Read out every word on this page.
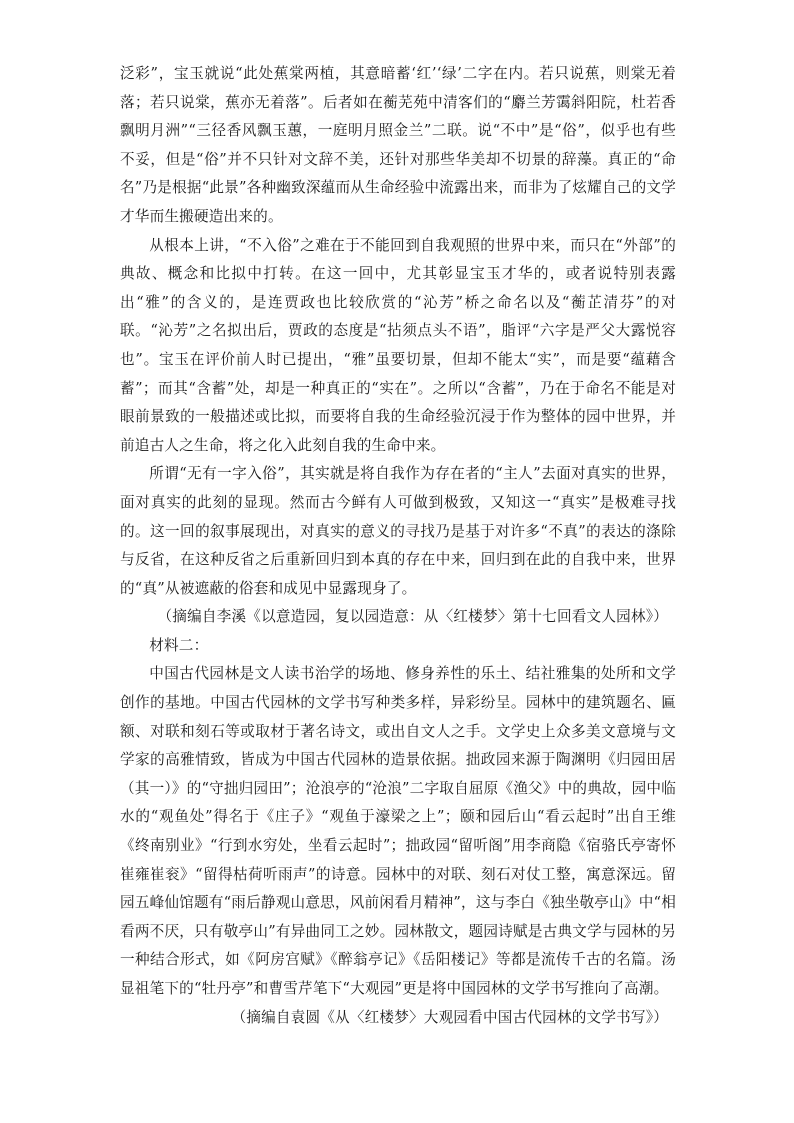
泛彩”，宝玉就说“此处蕉棠两植，其意暗蓄‘红’‘绿’二字在内。若只说蕉，则棠无着落；若只说棠，蕉亦无着落”。后者如在蘅芜苑中清客们的“麝兰芳霭斜阳院，杜若香飘明月洲”“三径香风飘玉蕙，一庭明月照金兰”二联。说“不中”是“俗”，似乎也有些不妥，但是“俗”并不只针对文辞不美，还针对那些华美却不切景的辞藻。真正的“命名”乃是根据“此景”各种幽致深蕴而从生命经验中流露出来，而非为了炫耀自己的文学才华而生搬硬造出来的。

从根本上讲，“不入俗”之难在于不能回到自我观照的世界中来，而只在“外部”的典故、概念和比拟中打转。在这一回中，尤其彰显宝玉才华的，或者说特别表露出“雅”的含义的，是连贾政也比较欣赏的“沁芳”桥之命名以及“蘅芷清芬”的对联。“沁芳”之名拟出后，贾政的态度是“拈须点头不语”，脂评“六字是严父大露悦容也”。宝玉在评价前人时已提出，“雅”虽要切景，但却不能太“实”，而是要“蕴藉含蓄”；而其“含蓄”处，却是一种真正的“实在”。之所以“含蓄”，乃在于命名不能是对眼前景致的一般描述或比拟，而要将自我的生命经验沉浸于作为整体的园中世界，并前追古人之生命，将之化入此刻自我的生命中来。

所谓“无有一字入俗”，其实就是将自我作为存在者的“主人”去面对真实的世界，面对真实的此刻的显现。然而古今鲜有人可做到极致，又知这一“真实”是极难寻找的。这一回的叙事展现出，对真实的意义的寻找乃是基于对许多“不真”的表达的涤除与反省，在这种反省之后重新回归到本真的存在中来，回归到在此的自我中来，世界的“真”从被遮蔽的俗套和成见中显露现身了。

（摘编自李溪《以意造园，复以园造意：从〈红楼梦〉第十七回看文人园林》）

材料二：

中国古代园林是文人读书治学的场地、修身养性的乐土、结社雅集的处所和文学创作的基地。中国古代园林的文学书写种类多样，异彩纷呈。园林中的建筑题名、匾额、对联和刻石等或取材于著名诗文，或出自文人之手。文学史上众多美文意境与文学家的高雅情致，皆成为中国古代园林的造景依据。拙政园来源于陶渊明《归园田居（其一）》的“守拙归园田”；沧浪亭的“沧浪”二字取自屈原《渔父》中的典故，园中临水的“观鱼处”得名于《庄子》“观鱼于濠梁之上”；颐和园后山“看云起时”出自王维《终南别业》“行到水穷处，坐看云起时”；拙政园“留听阁”用李商隐《宿骆氏亭寄怀崔雍崔衮》“留得枯荷听雨声”的诗意。园林中的对联、刻石对仗工整，寓意深远。留园五峰仙馆题有“雨后静观山意思，风前闲看月精神”，这与李白《独坐敬亭山》中“相看两不厌，只有敬亭山”有异曲同工之妙。园林散文，题园诗赋是古典文学与园林的另一种结合形式，如《阿房宫赋》《醉翁亭记》《岳阳楼记》等都是流传千古的名篇。汤显祖笔下的“牡丹亭”和曹雪芹笔下“大观园”更是将中国园林的文学书写推向了高潮。

（摘编自袁圆《从〈红楼梦〉大观园看中国古代园林的文学书写》）
